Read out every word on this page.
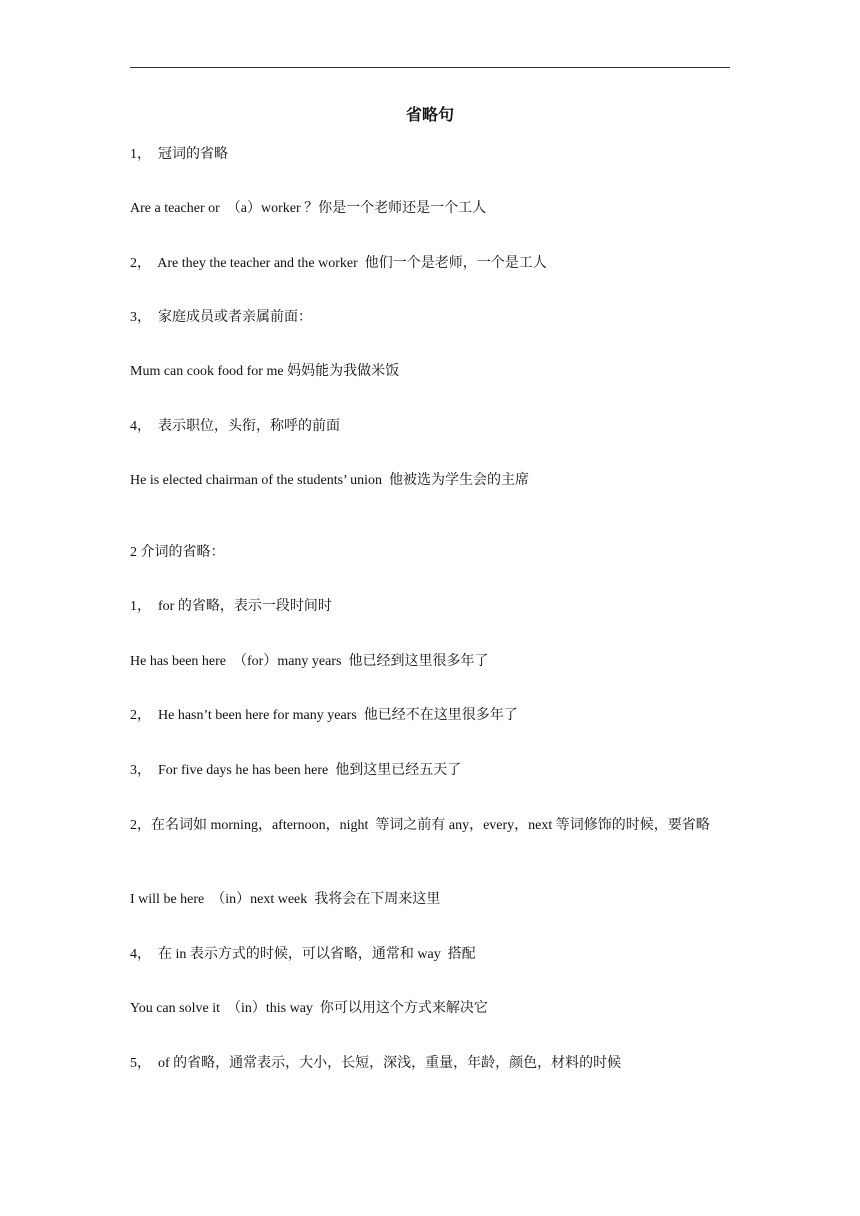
省略句

1，  冠词的省略

Are a teacher or  （a）worker ？你是一个老师还是一个工人

2，  Are they the teacher and the worker  他们一个是老师，一个是工人

3，  家庭成员或者亲属前面：

Mum can cook food for me 妈妈能为我做米饭

4，  表示职位，头衔，称呼的前面

He is elected chairman of the students’ union  他被选为学生会的主席

2 介词的省略：

1，  for 的省略，表示一段时间时

He has been here  （for）many years  他已经到这里很多年了

2，  He hasn’t been here for many years  他已经不在这里很多年了

3，  For five days he has been here  他到这里已经五天了

2，在名词如 morning，afternoon，night  等词之前有 any，every，next 等词修饰的时候，要省略

I will be here  （in）next week  我将会在下周来这里

4，  在 in 表示方式的时候，可以省略，通常和 way  搭配

You can solve it  （in）this way  你可以用这个方式来解决它

5，  of 的省略，通常表示，大小，长短，深浅，重量，年龄，颜色，材料的时候
